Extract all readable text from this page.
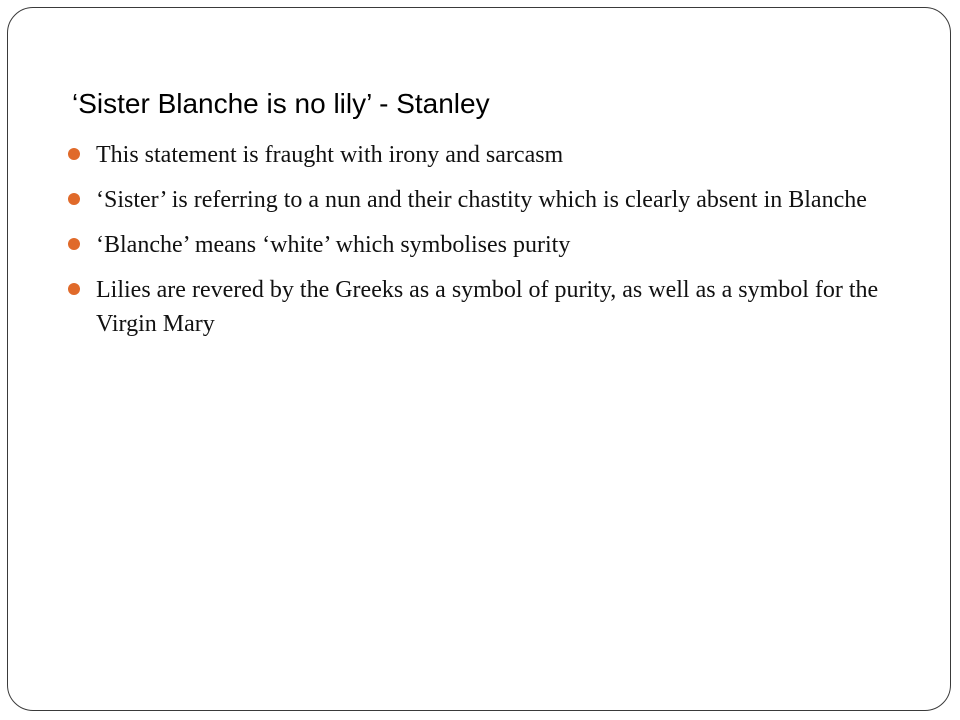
‘Sister Blanche is no lily’ - Stanley
This statement is fraught with irony and sarcasm
‘Sister’ is referring to a nun and their chastity which is clearly absent in Blanche
‘Blanche’ means ‘white’ which symbolises purity
Lilies are revered by the Greeks as a symbol of purity, as well as a symbol for the Virgin Mary
